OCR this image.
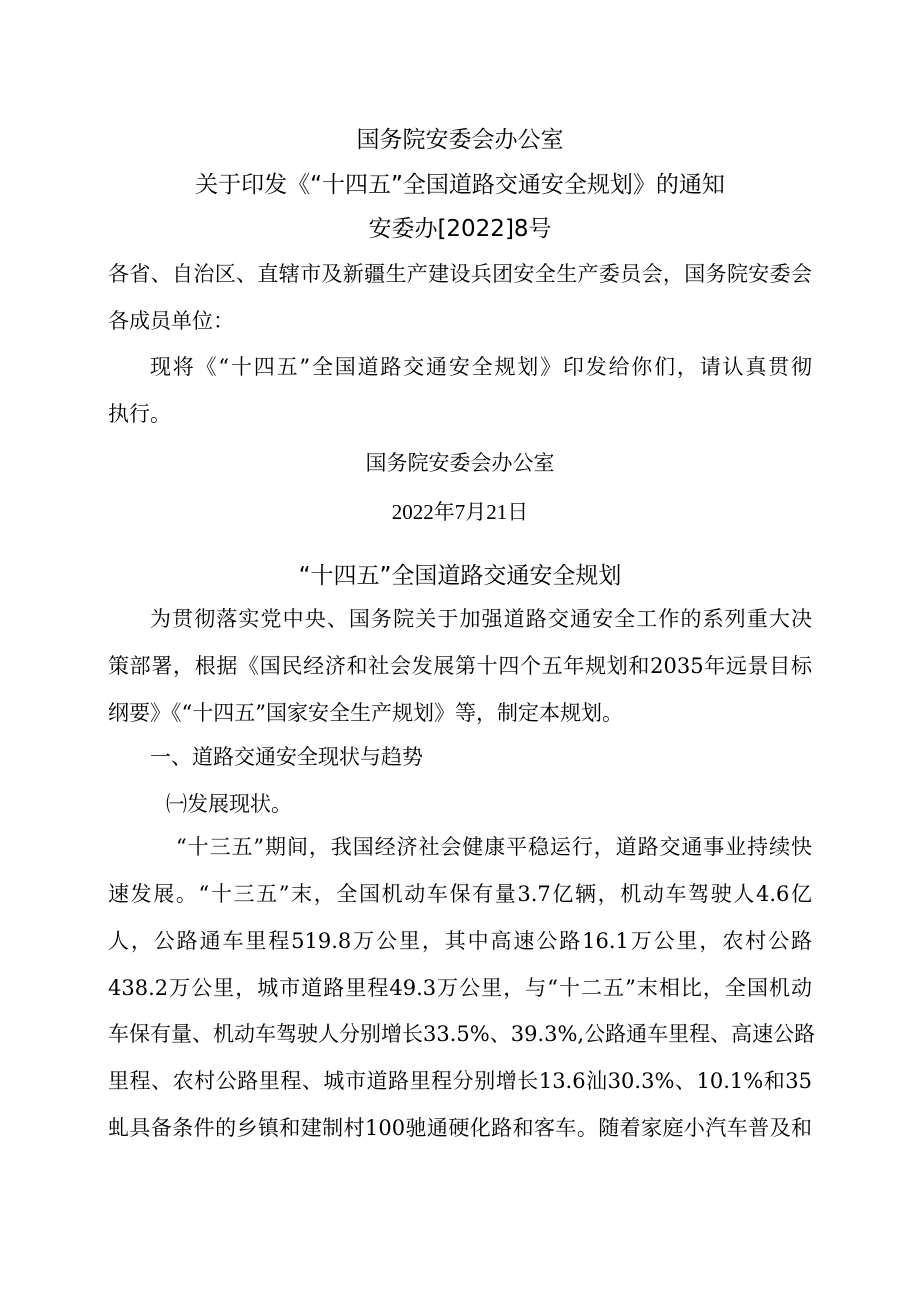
国务院安委会办公室
关于印发《“十四五”全国道路交通安全规划》的通知
安委办[2022]8号
各省、自治区、直辖市及新疆生产建设兵团安全生产委员会，国务院安委会
各成员单位：
现将《“十四五”全国道路交通安全规划》印发给你们，请认真贯彻
执行。
国务院安委会办公室
2022年7月21日
“十四五”全国道路交通安全规划
为贯彻落实党中央、国务院关于加强道路交通安全工作的系列重大决
策部署，根据《国民经济和社会发展第十四个五年规划和2035年远景目标
纲要》《“十四五”国家安全生产规划》等，制定本规划。
一、道路交通安全现状与趋势
㈠发展现状。
“十三五”期间，我国经济社会健康平稳运行，道路交通事业持续快
速发展。“十三五”末，全国机动车保有量3.7亿辆，机动车驾驶人4.6亿
人，公路通车里程519.8万公里，其中高速公路16.1万公里，农村公路
438.2万公里，城市道路里程49.3万公里，与“十二五”末相比，全国机动
车保有量、机动车驾驶人分别增长33.5%、39.3%,公路通车里程、高速公路
里程、农村公路里程、城市道路里程分别增长13.6汕30.3%、10.1%和35
虬具备条件的乡镇和建制村100驰通硬化路和客车。随着家庭小汽车普及和
